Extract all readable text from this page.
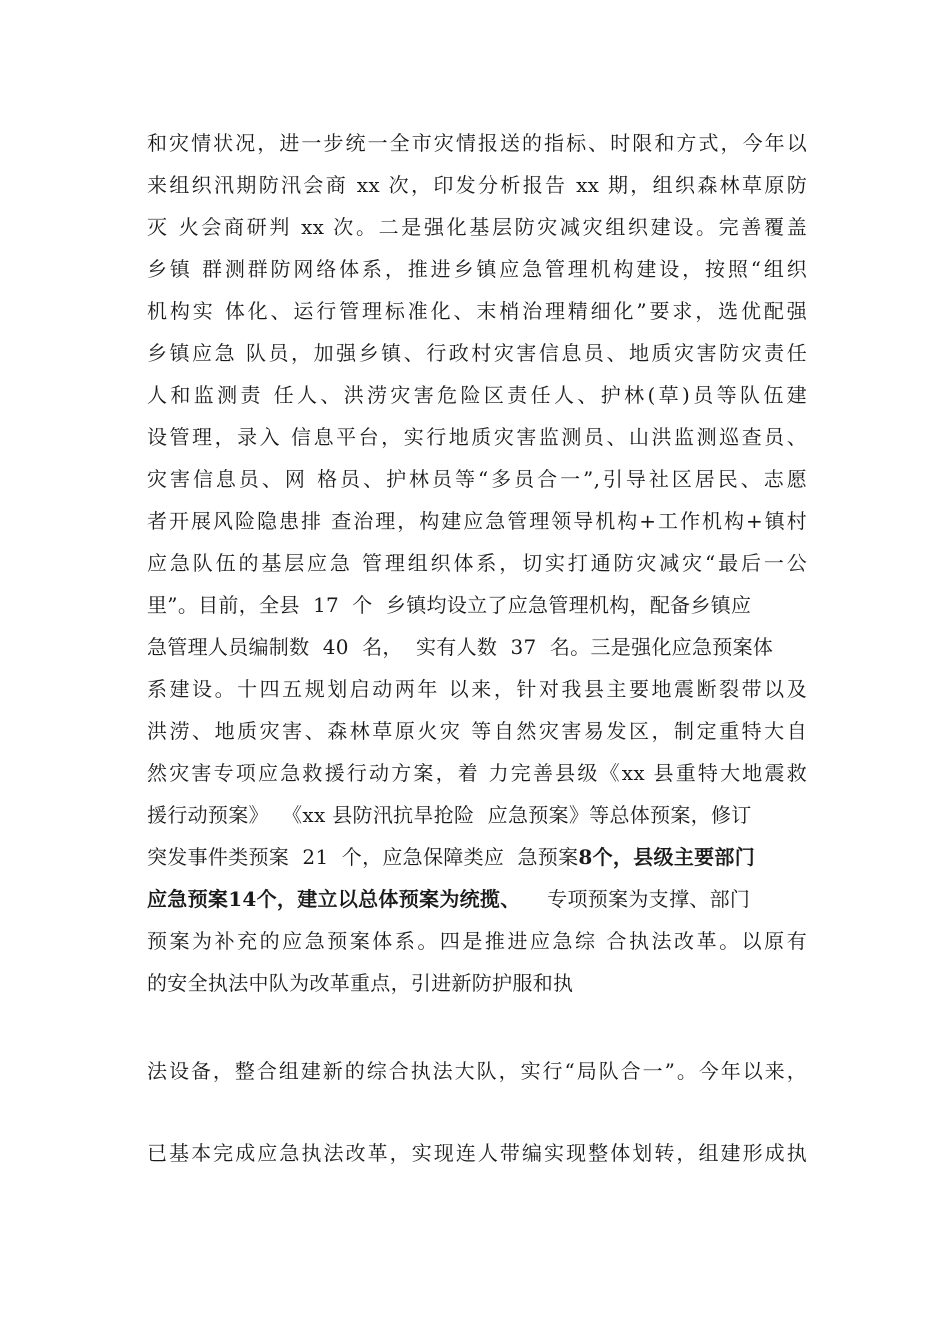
和灾情状况，进一步统一全市灾情报送的指标、时限和方式，今年以
来组织汛期防汛会商 xx 次，印发分析报告 xx 期，组织森林草原防
灭 火会商研判 xx 次。二是强化基层防灾减灾组织建设。完善覆盖
乡镇 群测群防网络体系，推进乡镇应急管理机构建设，按照“组织
机构实 体化、运行管理标准化、末梢治理精细化”要求，选优配强
乡镇应急 队员，加强乡镇、行政村灾害信息员、地质灾害防灾责任
人和监测责 任人、洪涝灾害危险区责任人、护林(草)员等队伍建
设管理，录入 信息平台，实行地质灾害监测员、山洪监测巡查员、
灾害信息员、网 格员、护林员等“多员合一”,引导社区居民、志愿
者开展风险隐患排 查治理，构建应急管理领导机构+工作机构+镇村
应急队伍的基层应急 管理组织体系，切实打通防灾减灾“最后一公
里”。目前，全县  17  个  乡镇均设立了应急管理机构，配备乡镇应
急管理人员编制数  40  名，  实有人数  37  名。三是强化应急预案体
系建设。十四五规划启动两年 以来，针对我县主要地震断裂带以及
洪涝、地质灾害、森林草原火灾 等自然灾害易发区，制定重特大自
然灾害专项应急救援行动方案，着 力完善县级《xx 县重特大地震救
援行动预案》  《xx 县防汛抗旱抢险  应急预案》等总体预案，修订
突发事件类预案  21  个，应急保障类应  急预案8个，县级主要部门
应急预案14个，建立以总体预案为统揽、    专项预案为支撑、部门
预案为补充的应急预案体系。四是推进应急综 合执法改革。以原有
的安全执法中队为改革重点，引进新防护服和执
法设备，整合组建新的综合执法大队，实行“局队合一”。今年以来，
已基本完成应急执法改革，实现连人带编实现整体划转，组建形成执
